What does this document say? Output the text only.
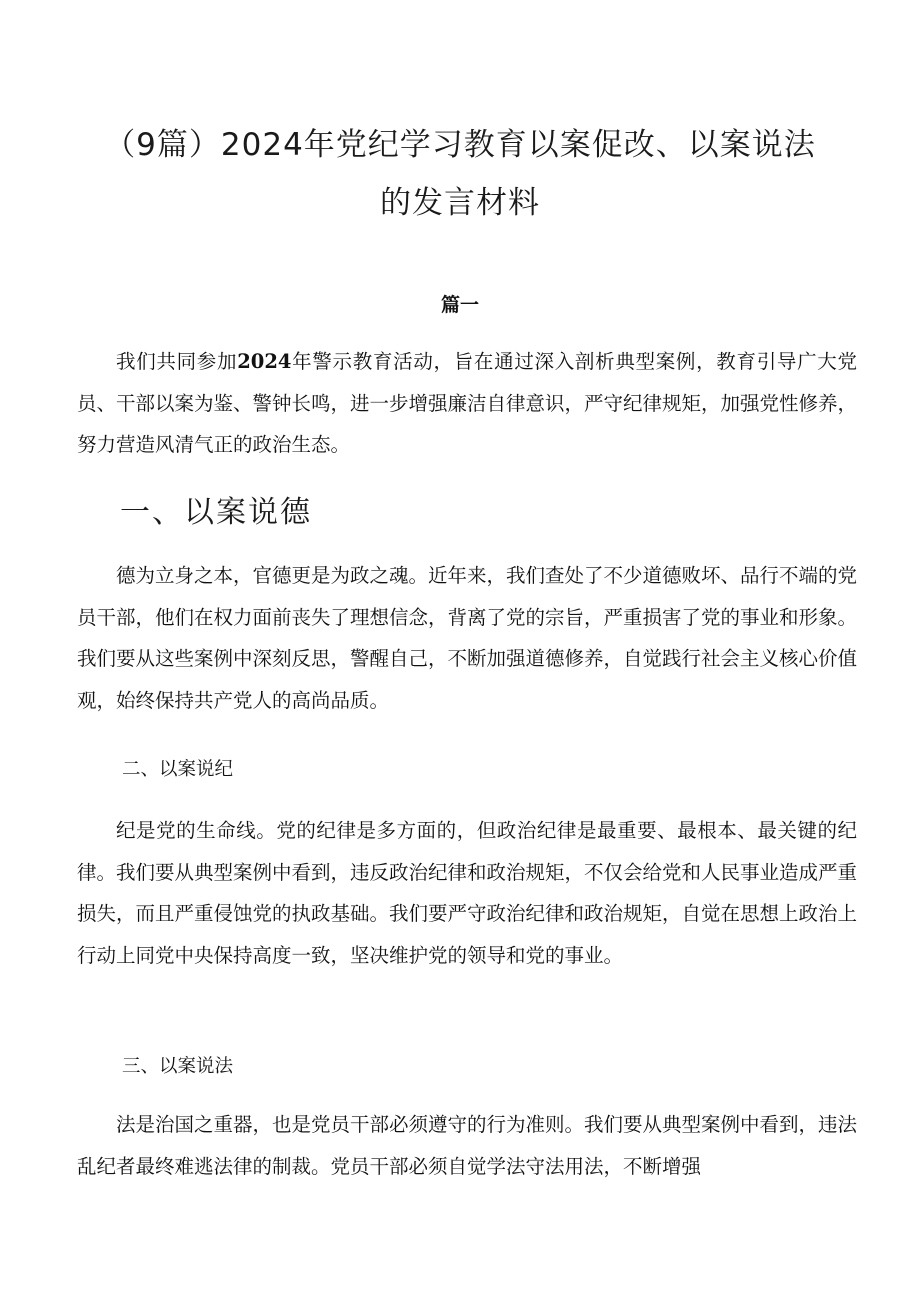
（9篇）2024年党纪学习教育以案促改、以案说法
的发言材料
篇一

我们共同参加2024年警示教育活动，旨在通过深入剖析典型案例，教育引导广大党员、干部以案为鉴、警钟长鸣，进一步增强廉洁自律意识，严守纪律规矩，加强党性修养，努力营造风清气正的政治生态。

一、以案说德

德为立身之本，官德更是为政之魂。近年来，我们查处了不少道德败坏、品行不端的党员干部，他们在权力面前丧失了理想信念，背离了党的宗旨，严重损害了党的事业和形象。我们要从这些案例中深刻反思，警醒自己，不断加强道德修养，自觉践行社会主义核心价值观，始终保持共产党人的高尚品质。

二、以案说纪

纪是党的生命线。党的纪律是多方面的，但政治纪律是最重要、最根本、最关键的纪律。我们要从典型案例中看到，违反政治纪律和政治规矩，不仅会给党和人民事业造成严重损失，而且严重侵蚀党的执政基础。我们要严守政治纪律和政治规矩，自觉在思想上政治上行动上同党中央保持高度一致，坚决维护党的领导和党的事业。

三、以案说法

法是治国之重器，也是党员干部必须遵守的行为准则。我们要从典型案例中看到，违法乱纪者最终难逃法律的制裁。党员干部必须自觉学法守法用法，不断增强
